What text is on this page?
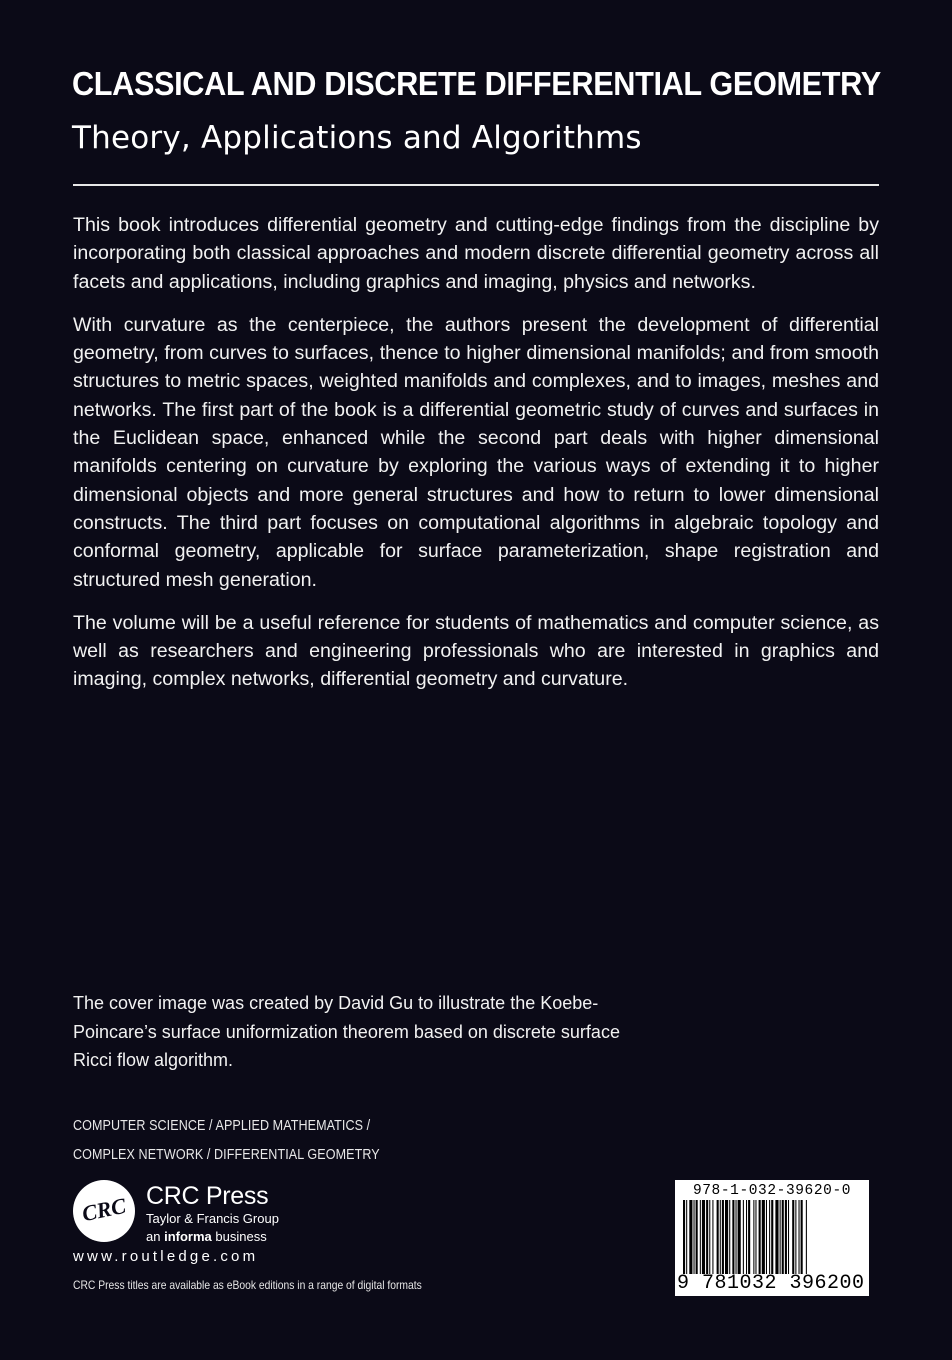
CLASSICAL AND DISCRETE DIFFERENTIAL GEOMETRY
Theory, Applications and Algorithms

This book introduces differential geometry and cutting-edge findings from the discipline by incorporating both classical approaches and modern discrete differential geometry across all facets and applications, including graphics and imaging, physics and networks.

With curvature as the centerpiece, the authors present the development of differential geometry, from curves to surfaces, thence to higher dimensional manifolds; and from smooth structures to metric spaces, weighted manifolds and complexes, and to images, meshes and networks. The first part of the book is a differential geometric study of curves and surfaces in the Euclidean space, enhanced while the second part deals with higher dimensional manifolds centering on curvature by exploring the various ways of extending it to higher dimensional objects and more general structures and how to return to lower dimensional constructs. The third part focuses on computational algorithms in algebraic topology and conformal geometry, applicable for surface parameterization, shape registration and structured mesh generation.

The volume will be a useful reference for students of mathematics and computer science, as well as researchers and engineering professionals who are interested in graphics and imaging, complex networks, differential geometry and curvature.

The cover image was created by David Gu to illustrate the Koebe-Poincare’s surface uniformization theorem based on discrete surface Ricci flow algorithm.
COMPUTER SCIENCE / APPLIED MATHEMATICS /
COMPLEX NETWORK / DIFFERENTIAL GEOMETRY
CRC CRC Press
Taylor & Francis Group
an informa business
www.routledge.com
CRC Press titles are available as eBook editions in a range of digital formats
978-1-032-39620-0
9 781032 396200
